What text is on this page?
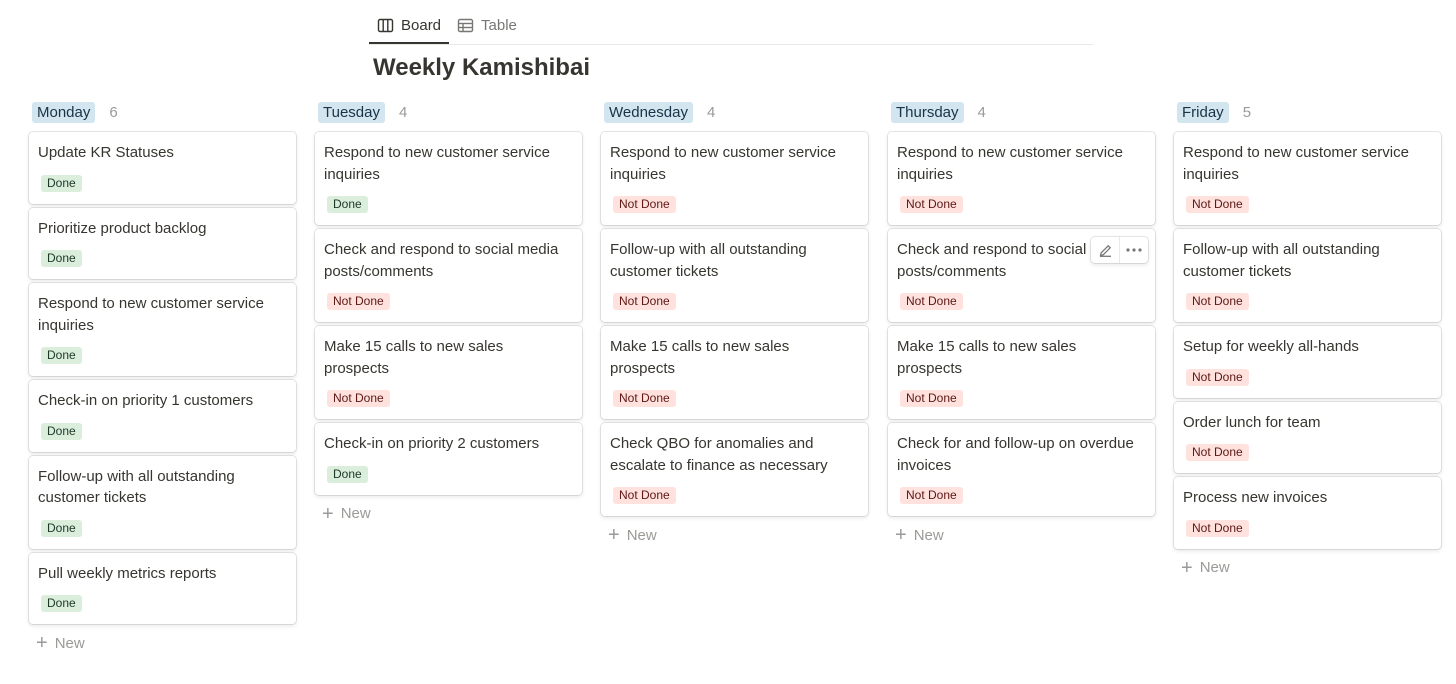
Board	Table
Weekly Kamishibai
Monday	6
Update KR Statuses
Done
Prioritize product backlog
Done
Respond to new customer service inquiries
Done
Check-in on priority 1 customers
Done
Follow-up with all outstanding customer tickets
Done
Pull weekly metrics reports
Done
+ New
Tuesday	4
Respond to new customer service inquiries
Done
Check and respond to social media posts/comments
Not Done
Make 15 calls to new sales prospects
Not Done
Check-in on priority 2 customers
Done
+ New
Wednesday	4
Respond to new customer service inquiries
Not Done
Follow-up with all outstanding customer tickets
Not Done
Make 15 calls to new sales prospects
Not Done
Check QBO for anomalies and escalate to finance as necessary
Not Done
+ New
Thursday	4
Respond to new customer service inquiries
Not Done
Check and respond to social posts/comments
Not Done
Make 15 calls to new sales prospects
Not Done
Check for and follow-up on overdue invoices
Not Done
+ New
Friday	5
Respond to new customer service inquiries
Not Done
Follow-up with all outstanding customer tickets
Not Done
Setup for weekly all-hands
Not Done
Order lunch for team
Not Done
Process new invoices
Not Done
+ New
